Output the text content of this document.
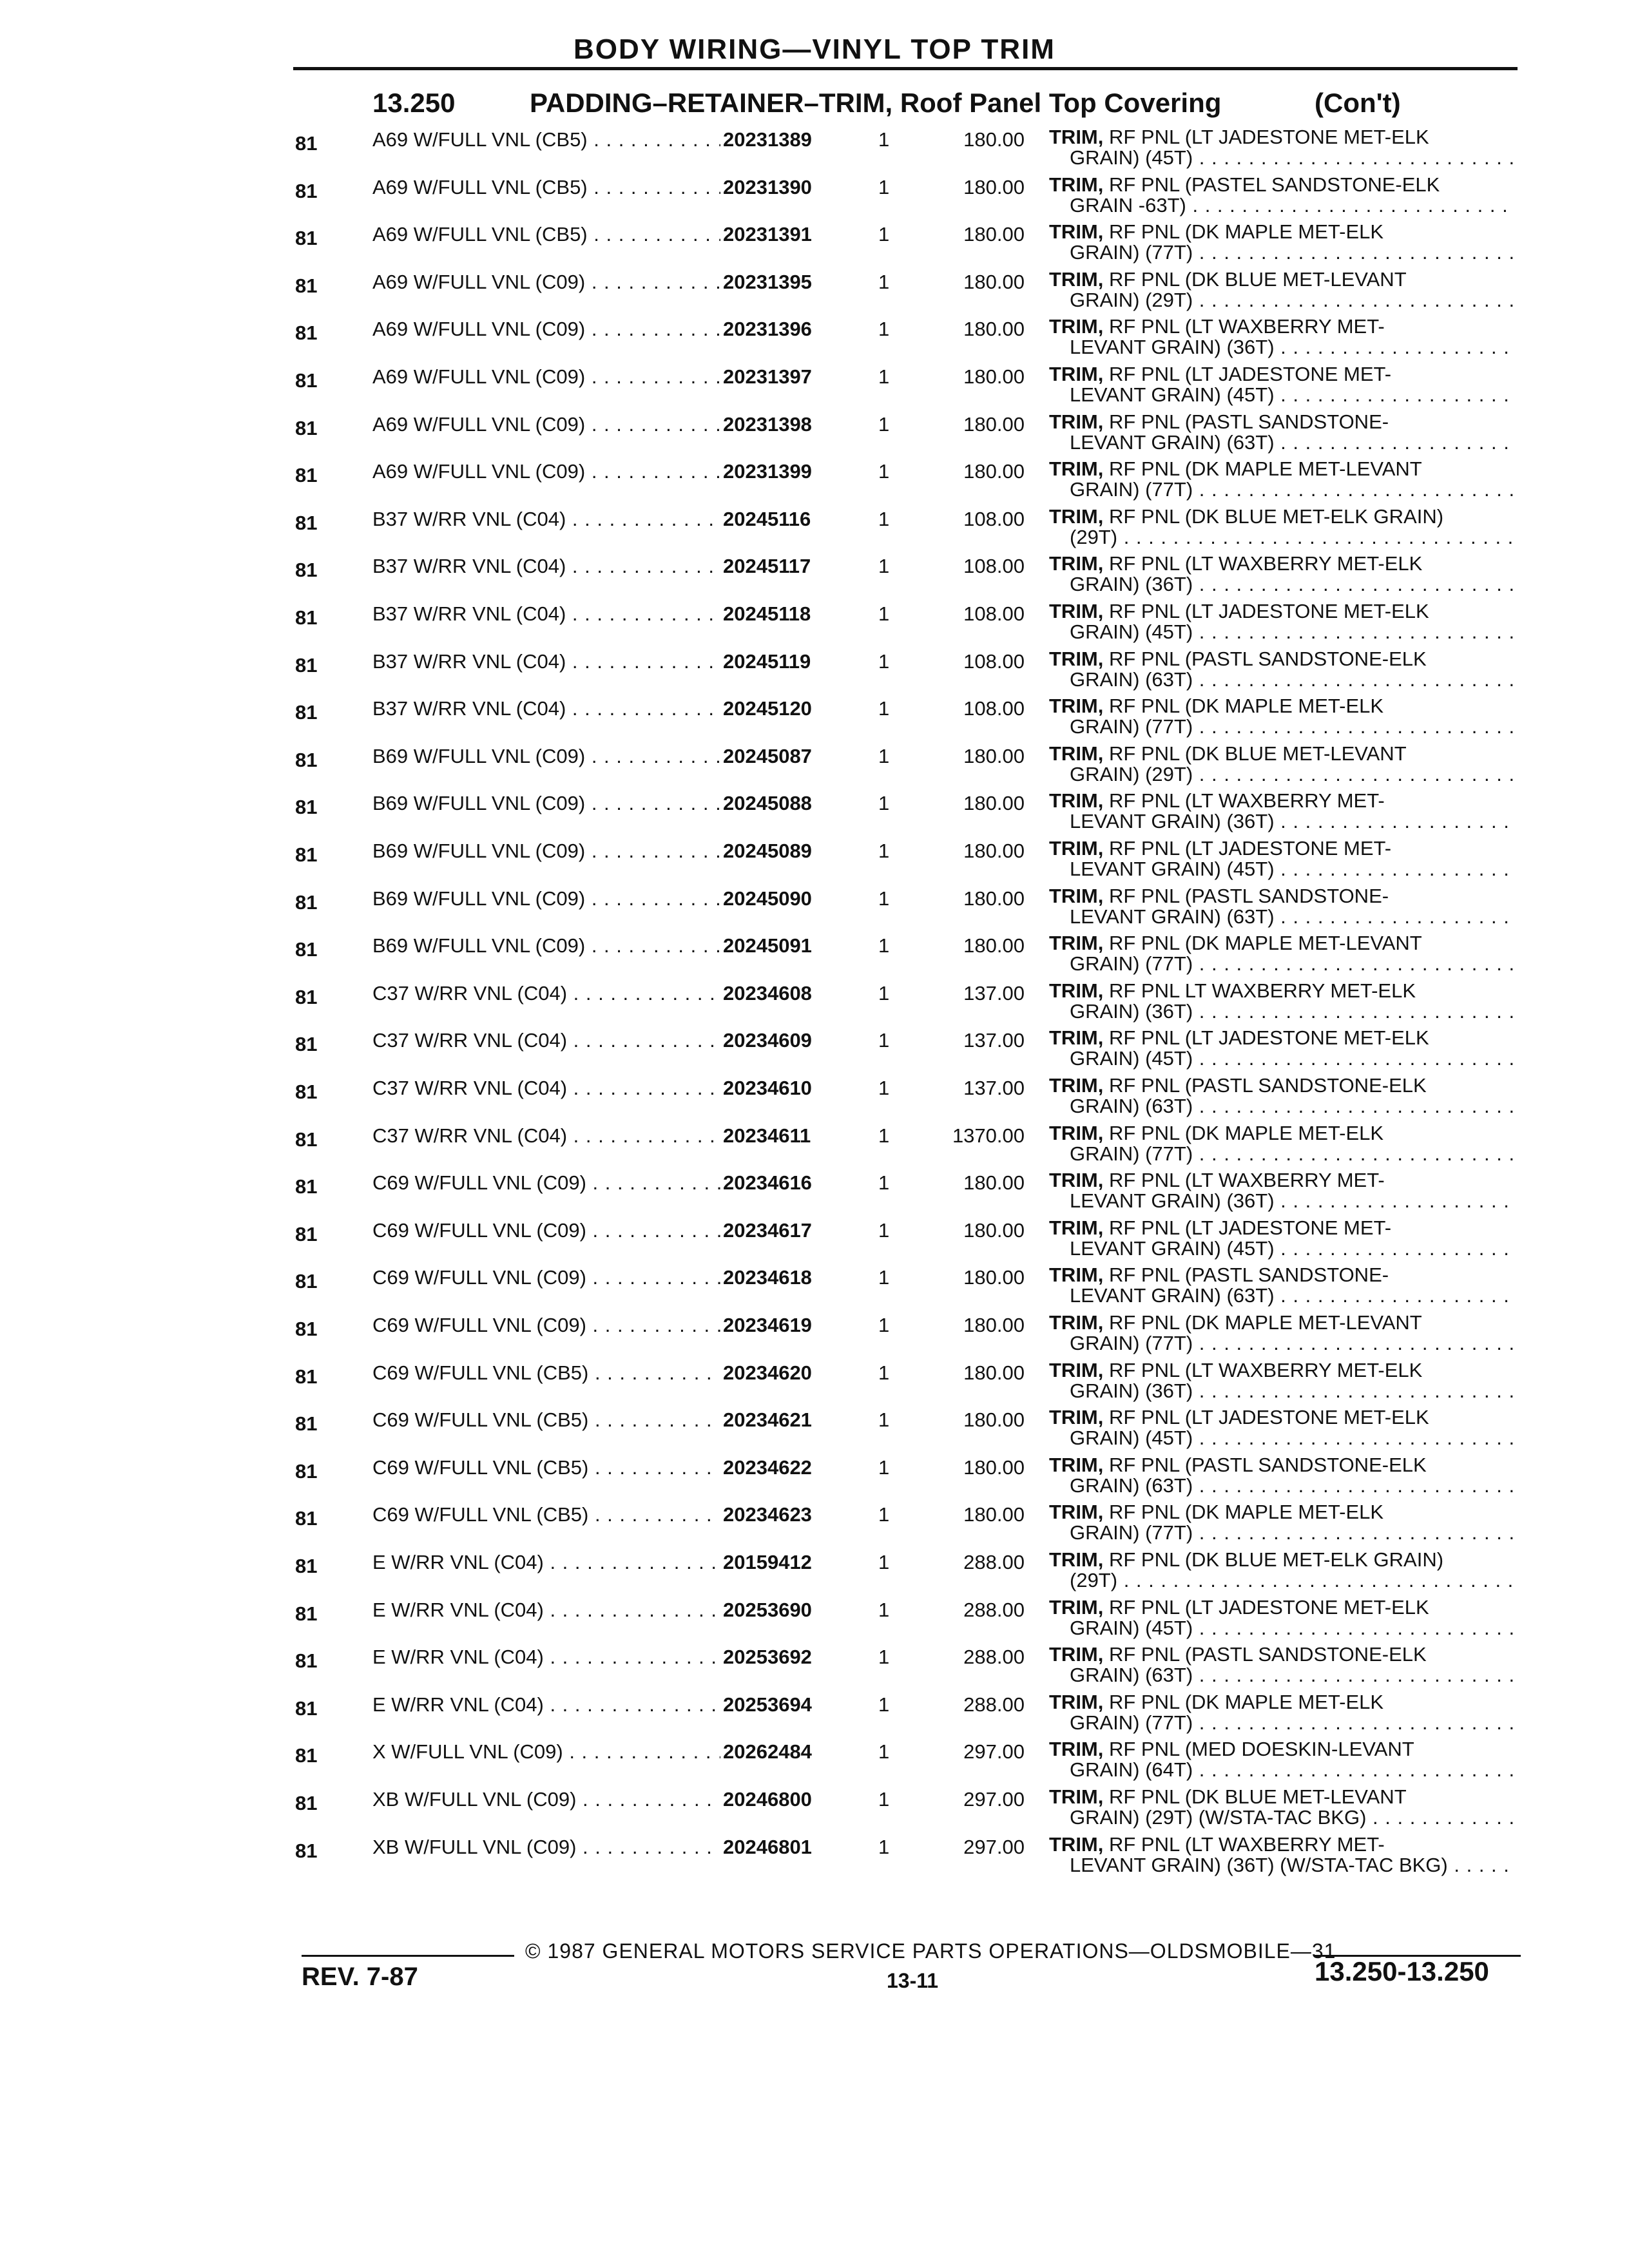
BODY WIRING—VINYL TOP TRIM
13.250	PADDING–RETAINER–TRIM, Roof Panel Top Covering	(Con't)
81	A69 W/FULL VNL (CB5) . . .	20231389	1	180.00 TRIM, RF PNL (LT JADESTONE MET-ELK
GRAIN) (45T) . . .
81	A69 W/FULL VNL (CB5) . . .	20231390	1	180.00 TRIM, RF PNL (PASTEL SANDSTONE-ELK
GRAIN -63T) . . .
81	A69 W/FULL VNL (CB5) . . .	20231391	1	180.00 TRIM, RF PNL (DK MAPLE MET-ELK
GRAIN) (77T) . . .
81	A69 W/FULL VNL (C09) . . .	20231395	1	180.00 TRIM, RF PNL (DK BLUE MET-LEVANT
GRAIN) (29T) . . .
81	A69 W/FULL VNL (C09) . . .	20231396	1	180.00 TRIM, RF PNL (LT WAXBERRY MET-
LEVANT GRAIN) (36T) . . .
81	A69 W/FULL VNL (C09) . . .	20231397	1	180.00 TRIM, RF PNL (LT JADESTONE MET-
LEVANT GRAIN) (45T) . . .
81	A69 W/FULL VNL (C09) . . .	20231398	1	180.00 TRIM, RF PNL (PASTL SANDSTONE-
LEVANT GRAIN) (63T) . . .
81	A69 W/FULL VNL (C09) . . .	20231399	1	180.00 TRIM, RF PNL (DK MAPLE MET-LEVANT
GRAIN) (77T) . . .
81	B37 W/RR VNL (C04) . . .	20245116	1	108.00 TRIM, RF PNL (DK BLUE MET-ELK GRAIN)
(29T) . . .
81	B37 W/RR VNL (C04) . . .	20245117	1	108.00 TRIM, RF PNL (LT WAXBERRY MET-ELK
GRAIN) (36T) . . .
81	B37 W/RR VNL (C04) . . .	20245118	1	108.00 TRIM, RF PNL (LT JADESTONE MET-ELK
GRAIN) (45T) . . .
81	B37 W/RR VNL (C04) . . .	20245119	1	108.00 TRIM, RF PNL (PASTL SANDSTONE-ELK
GRAIN) (63T) . . .
81	B37 W/RR VNL (C04) . . .	20245120	1	108.00 TRIM, RF PNL (DK MAPLE MET-ELK
GRAIN) (77T) . . .
81	B69 W/FULL VNL (C09) . . .	20245087	1	180.00 TRIM, RF PNL (DK BLUE MET-LEVANT
GRAIN) (29T) . . .
81	B69 W/FULL VNL (C09) . . .	20245088	1	180.00 TRIM, RF PNL (LT WAXBERRY MET-
LEVANT GRAIN) (36T) . . .
81	B69 W/FULL VNL (C09) . . .	20245089	1	180.00 TRIM, RF PNL (LT JADESTONE MET-
LEVANT GRAIN) (45T) . . .
81	B69 W/FULL VNL (C09) . . .	20245090	1	180.00 TRIM, RF PNL (PASTL SANDSTONE-
LEVANT GRAIN) (63T) . . .
81	B69 W/FULL VNL (C09) . . .	20245091	1	180.00 TRIM, RF PNL (DK MAPLE MET-LEVANT
GRAIN) (77T) . . .
81	C37 W/RR VNL (C04) . . .	20234608	1	137.00 TRIM, RF PNL LT WAXBERRY MET-ELK
GRAIN) (36T) . . .
81	C37 W/RR VNL (C04) . . .	20234609	1	137.00 TRIM, RF PNL (LT JADESTONE MET-ELK
GRAIN) (45T) . . .
81	C37 W/RR VNL (C04) . . .	20234610	1	137.00 TRIM, RF PNL (PASTL SANDSTONE-ELK
GRAIN) (63T) . . .
81	C37 W/RR VNL (C04) . . .	20234611	1	1370.00 TRIM, RF PNL (DK MAPLE MET-ELK
GRAIN) (77T) . . .
81	C69 W/FULL VNL (C09) . . .	20234616	1	180.00 TRIM, RF PNL (LT WAXBERRY MET-
LEVANT GRAIN) (36T) . . .
81	C69 W/FULL VNL (C09) . . .	20234617	1	180.00 TRIM, RF PNL (LT JADESTONE MET-
LEVANT GRAIN) (45T) . . .
81	C69 W/FULL VNL (C09) . . .	20234618	1	180.00 TRIM, RF PNL (PASTL SANDSTONE-
LEVANT GRAIN) (63T) . . .
81	C69 W/FULL VNL (C09) . . .	20234619	1	180.00 TRIM, RF PNL (DK MAPLE MET-LEVANT
GRAIN) (77T) . . .
81	C69 W/FULL VNL (CB5) . . .	20234620	1	180.00 TRIM, RF PNL (LT WAXBERRY MET-ELK
GRAIN) (36T) . . .
81	C69 W/FULL VNL (CB5) . . .	20234621	1	180.00 TRIM, RF PNL (LT JADESTONE MET-ELK
GRAIN) (45T) . . .
81	C69 W/FULL VNL (CB5) . . .	20234622	1	180.00 TRIM, RF PNL (PASTL SANDSTONE-ELK
GRAIN) (63T) . . .
81	C69 W/FULL VNL (CB5) . . .	20234623	1	180.00 TRIM, RF PNL (DK MAPLE MET-ELK
GRAIN) (77T) . . .
81	E W/RR VNL (C04) . . .	20159412	1	288.00 TRIM, RF PNL (DK BLUE MET-ELK GRAIN)
(29T) . . .
81	E W/RR VNL (C04) . . .	20253690	1	288.00 TRIM, RF PNL (LT JADESTONE MET-ELK
GRAIN) (45T) . . .
81	E W/RR VNL (C04) . . .	20253692	1	288.00 TRIM, RF PNL (PASTL SANDSTONE-ELK
GRAIN) (63T) . . .
81	E W/RR VNL (C04) . . .	20253694	1	288.00 TRIM, RF PNL (DK MAPLE MET-ELK
GRAIN) (77T) . . .
81	X W/FULL VNL (C09) . . .	20262484	1	297.00 TRIM, RF PNL (MED DOESKIN-LEVANT
GRAIN) (64T) . . .
81	XB W/FULL VNL (C09) . . .	20246800	1	297.00 TRIM, RF PNL (DK BLUE MET-LEVANT
GRAIN) (29T) (W/STA-TAC BKG) . . .
81	XB W/FULL VNL (C09) . . .	20246801	1	297.00 TRIM, RF PNL (LT WAXBERRY MET-
LEVANT GRAIN) (36T) (W/STA-TAC BKG) . . .
© 1987 GENERAL MOTORS SERVICE PARTS OPERATIONS—OLDSMOBILE—31
REV. 7-87	13-11	13.250-13.250
